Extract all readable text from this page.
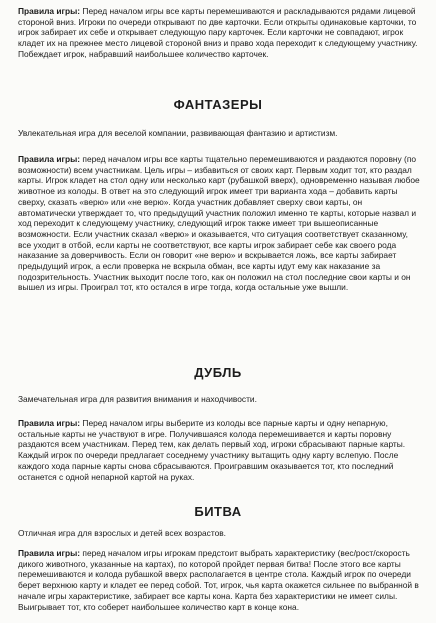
Правила игры: Перед началом игры все карты перемешиваются и раскладываются рядами лицевой стороной вниз. Игроки по очереди открывают по две карточки. Если открыты одинаковые карточки, то игрок забирает их себе и открывает следующую пару карточек. Если карточки не совпадают, игрок кладет их на прежнее место лицевой стороной вниз и право хода переходит к следующему участнику. Побеждает игрок, набравший наибольшее количество карточек.

ФАНТАЗЕРЫ

Увлекательная игра для веселой компании, развивающая фантазию и артистизм.

Правила игры: перед началом игры все карты тщательно перемешиваются и раздаются поровну (по возможности) всем участникам. Цель игры – избавиться от своих карт. Первым ходит тот, кто раздал карты. Игрок кладет на стол одну или несколько карт (рубашкой вверх), одновременно называя любое животное из колоды. В ответ на это следующий игрок имеет три варианта хода – добавить карты сверху, сказать «верю» или «не верю». Когда участник добавляет сверху свои карты, он автоматически утверждает то, что предыдущий участник положил именно те карты, которые назвал и ход переходит к следующему участнику, следующий игрок также имеет три вышеописанные возможности. Если участник сказал «верю» и оказывается, что ситуация соответствует сказанному, все уходит в отбой, если карты не соответствуют, все карты игрок забирает себе как своего рода наказание за доверчивость. Если он говорит «не верю» и вскрывается ложь, все карты забирает предыдущий игрок, а если проверка не вскрыла обман, все карты идут ему как наказание за подозрительность. Участник выходит после того, как он положил на стол последние свои карты и он вышел из игры. Проиграл тот, кто остался в игре тогда, когда остальные уже вышли.

ДУБЛЬ

Замечательная игра для развития внимания и находчивости.

Правила игры: Перед началом игры выберите из колоды все парные карты и одну непарную, остальные карты не участвуют в игре. Получившаяся колода перемешивается и карты поровну раздаются всем участникам. Перед тем, как делать первый ход, игроки сбрасывают парные карты. Каждый игрок по очереди предлагает соседнему участнику вытащить одну карту вслепую. После каждого хода парные карты снова сбрасываются. Проигравшим оказывается тот, кто последний останется с одной непарной картой на руках.

БИТВА

Отличная игра для взрослых и детей всех возрастов.

Правила игры: перед началом игры игрокам предстоит выбрать характеристику (вес/рост/скорость дикого животного, указанные на картах), по которой пройдет первая битва! После этого все карты перемешиваются и колода рубашкой вверх располагается в центре стола. Каждый игрок по очереди берет верхнюю карту и кладет ее перед собой. Тот, игрок, чья карта окажется сильнее по выбранной в начале игры характеристике, забирает все карты кона. Карта без характеристики не имеет силы. Выигрывает тот, кто соберет наибольшее количество карт в конце кона.
